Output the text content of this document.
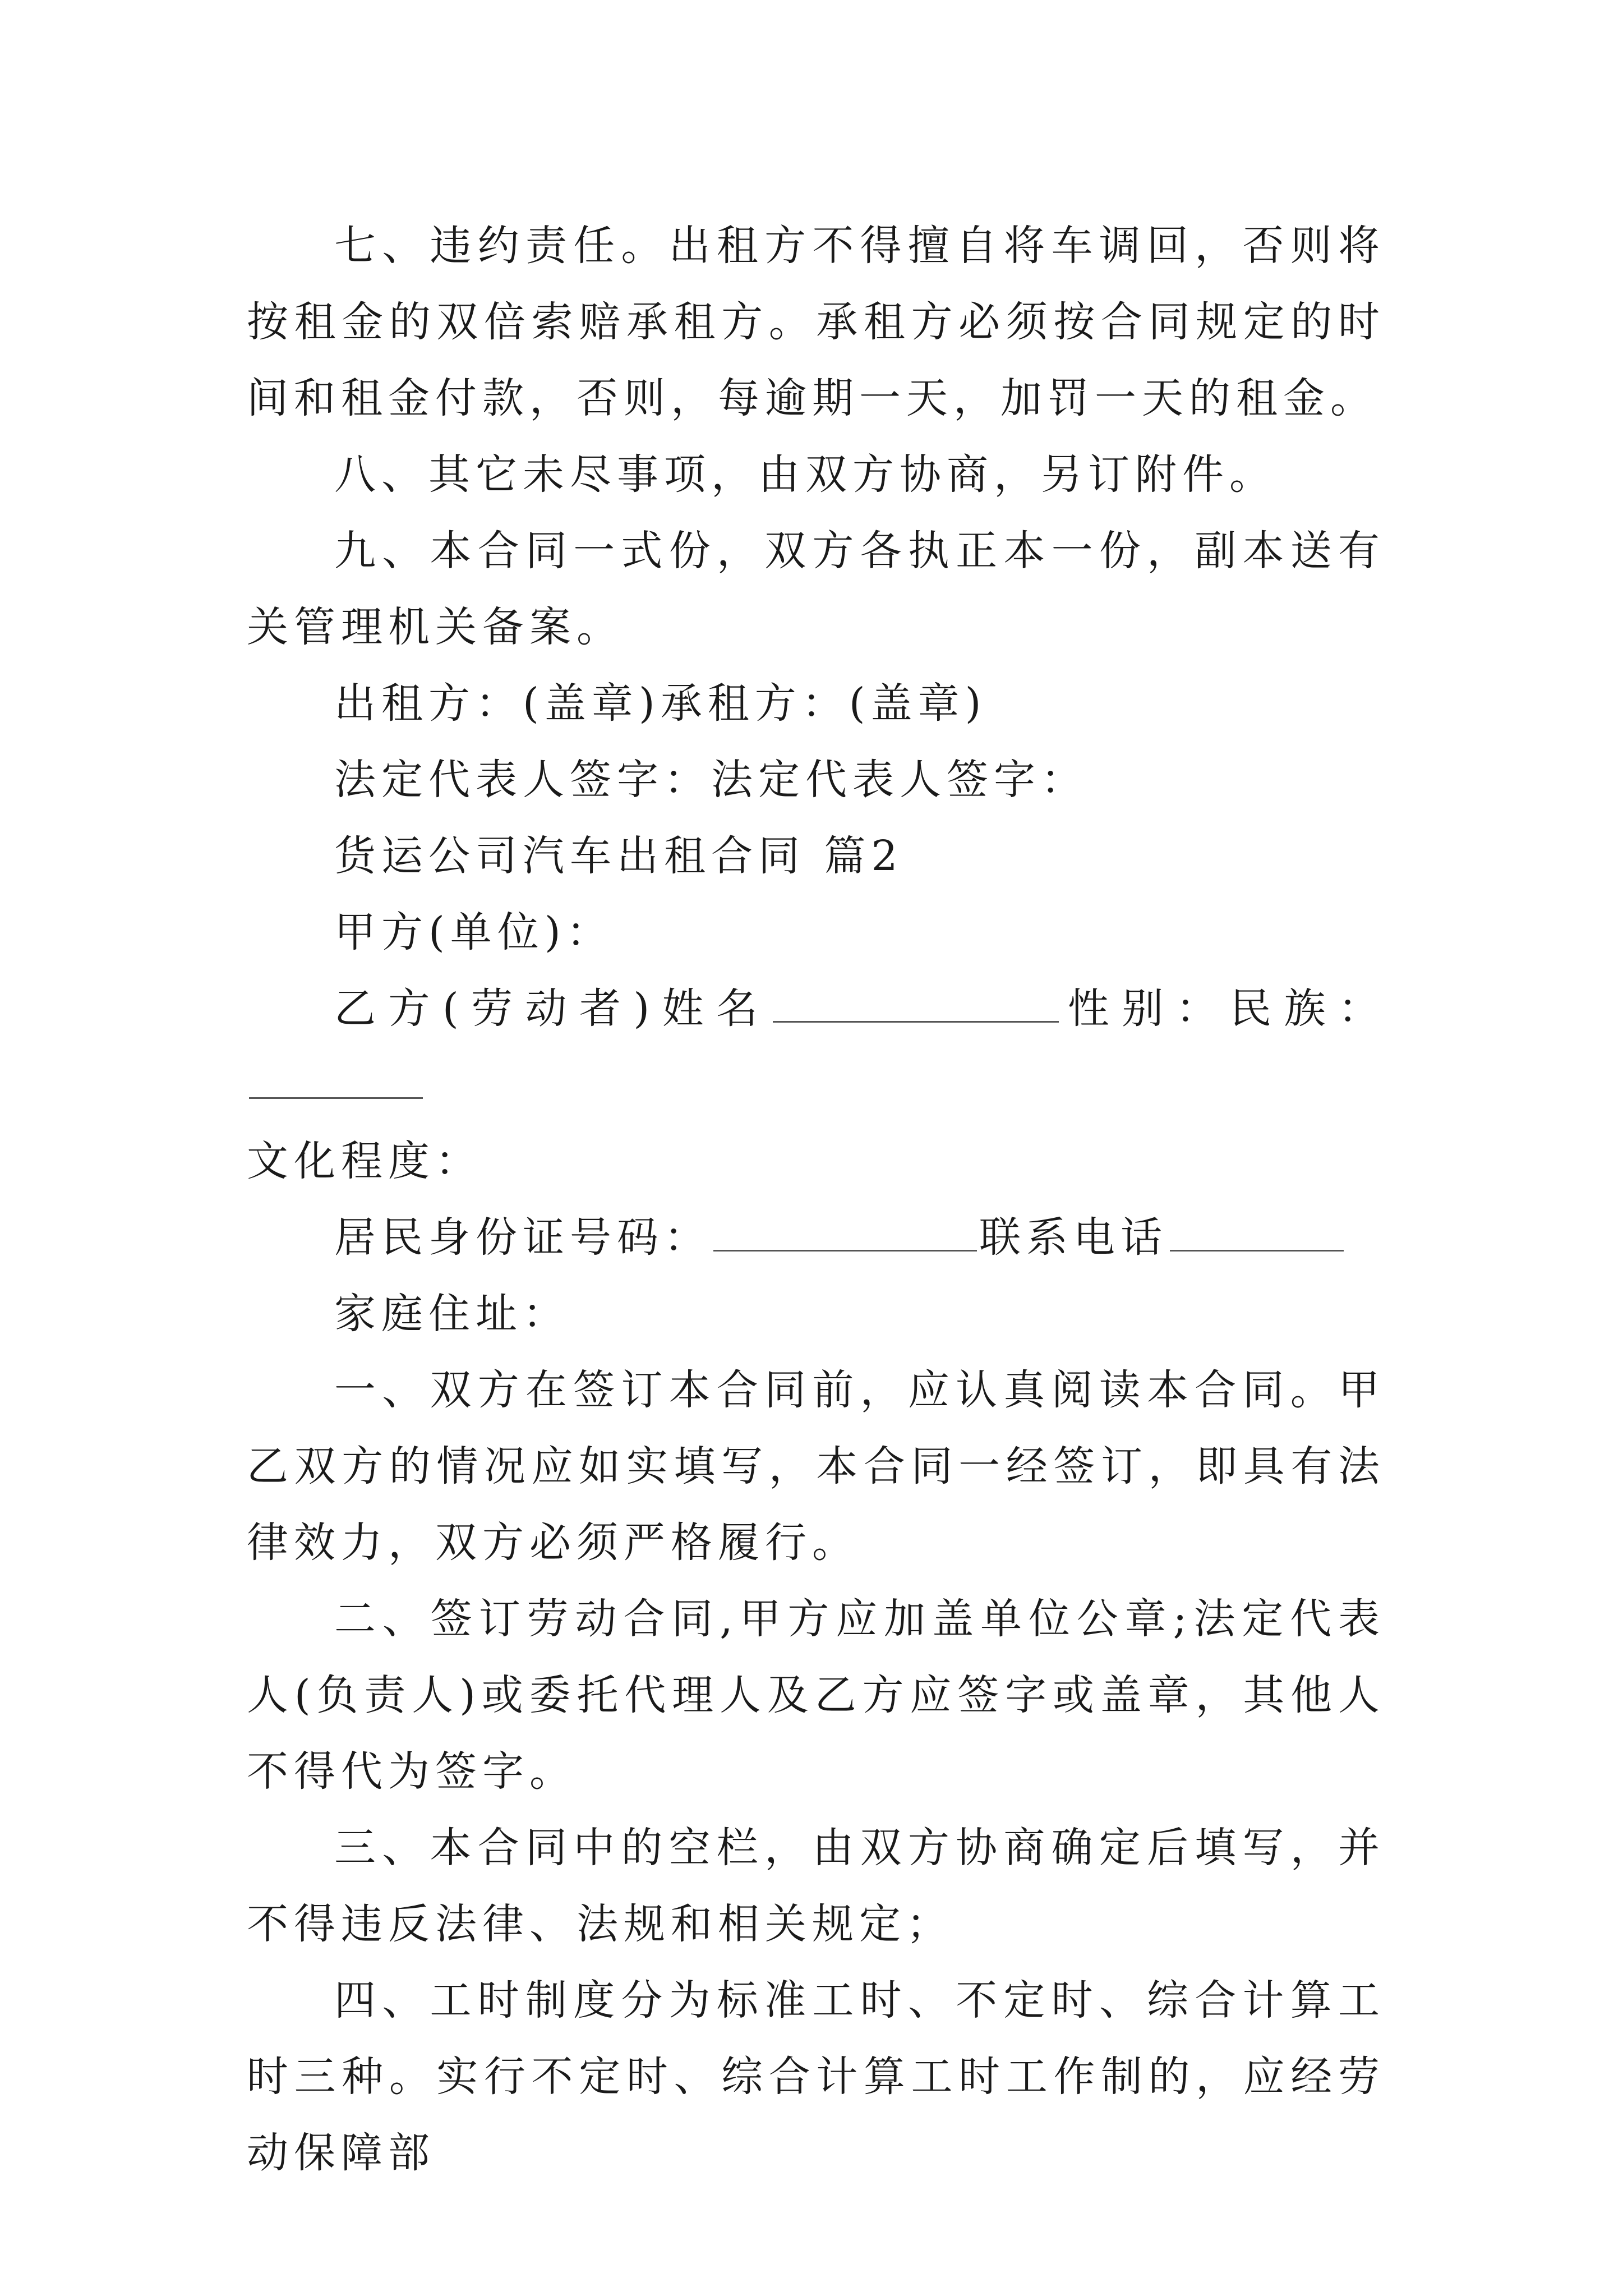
七、违约责任。出租方不得擅自将车调回，否则将按租金的双倍索赔承租方。承租方必须按合同规定的时间和租金付款，否则，每逾期一天，加罚一天的租金。

八、其它未尽事项，由双方协商，另订附件。

九、本合同一式份，双方各执正本一份，副本送有关管理机关备案。

出租方：(盖章)承租方：(盖章)

法定代表人签字：法定代表人签字：

货运公司汽车出租合同 篇2

甲方(单位)：

乙方(劳动者)姓名	性别：民族：

文化程度：

居民身份证号码：	联系电话

家庭住址：

一、双方在签订本合同前，应认真阅读本合同。甲乙双方的情况应如实填写，本合同一经签订，即具有法律效力，双方必须严格履行。

二、签订劳动合同,甲方应加盖单位公章;法定代表人(负责人)或委托代理人及乙方应签字或盖章，其他人不得代为签字。

三、本合同中的空栏，由双方协商确定后填写，并不得违反法律、法规和相关规定；

四、工时制度分为标准工时、不定时、综合计算工时三种。实行不定时、综合计算工时工作制的，应经劳动保障部
